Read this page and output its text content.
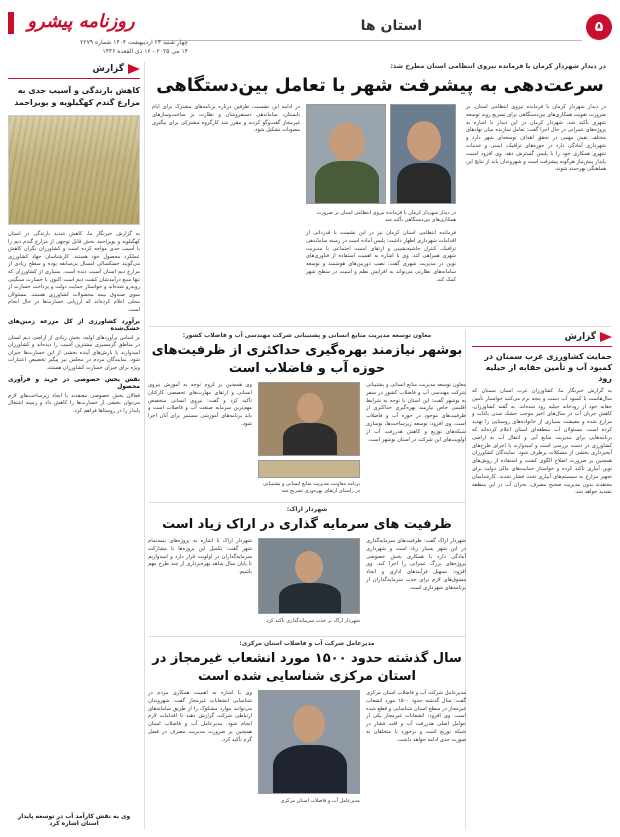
۵
استان ها
روزنامه پیشرو
چهار شنبه ۲۴ اردیبهشت ۱۴۰۴ شماره ۲۲۷۹
۱۴ می ۲۰۲۵ - ۱۶ ذی القعده ۱۴۴۶
گزارش
کاهش بارندگی و آسیب جدی به مزارع گندم کهگیلویه و بویراحمد

به گزارش خبرنگار ما، کاهش شدید بارندگی در استان کهگیلویه و بویراحمد بخش قابل توجهی از مزارع گندم دیم را با آسیب جدی مواجه کرده است و کشاورزان نگران کاهش عملکرد محصول خود هستند. کارشناسان جهاد کشاورزی می‌گویند خشکسالی امسال بی‌سابقه بوده و سطح زیادی از مزارع دیم استان آسیب دیده است. بسیاری از کشاورزان که تنها منبع درآمدشان کشت دیم است اکنون با خسارت سنگینی روبه‌رو شده‌اند و خواستار حمایت دولت و پرداخت خسارت از سوی صندوق بیمه محصولات کشاورزی هستند. مسئولان محلی اعلام کرده‌اند که ارزیابی خسارت‌ها در حال انجام است.

برآورد کشاورزی از کل مزرعه زمین‌های خشک‌شده

بر اساس برآوردهای اولیه، بخش زیادی از اراضی دیم استان در مناطق گرمسیری بیشترین آسیب را دیده‌اند و کشاورزان امیدوارند با بارش‌های آینده بخشی از این خسارت‌ها جبران شود. نمایندگان مردم در مجلس نیز پیگیر تخصیص اعتبارات ویژه برای جبران خسارت کشاورزان هستند.

نقش بخش خصوصی در خرید و فرآوری محصول

فعالان بخش خصوصی معتقدند با ایجاد زیرساخت‌های لازم می‌توان بخشی از خسارت‌ها را کاهش داد و زمینه اشتغال پایدار را در روستاها فراهم کرد.

وی به نقش کارآمد آب در توسعه پایدار استان اشاره کرد
در دیدار شهردار کرمان با فرمانده نیروی انتظامی استان مطرح شد:
سرعت‌دهی به پیشرفت شهر با تعامل بین‌دستگاهی
در دیدار شهردار کرمان با فرمانده نیروی انتظامی استان، بر ضرورت تقویت همکاری‌های بین‌دستگاهی برای تسریع روند توسعه شهری تأکید شد. شهردار کرمان در این دیدار با اشاره به پروژه‌های عمرانی در حال اجرا گفت: تعامل سازنده میان نهادهای مختلف نقش مهمی در تحقق اهداف توسعه‌ای شهر دارد و شهرداری آمادگی دارد در حوزه‌های ترافیک، ایمنی و خدمات شهری همکاری خود را با پلیس گسترش دهد. وی افزود امنیت پایدار پیش‌نیاز هرگونه پیشرفت است و شهروندان باید از نتایج این هماهنگی بهره‌مند شوند.
در دیدار شهردار کرمان با فرمانده نیروی انتظامی استان بر ضرورت همکاری‌های بین‌دستگاهی تأکید شد
فرمانده انتظامی استان کرمان نیز در این نشست با قدردانی از اقدامات شهرداری اظهار داشت: پلیس آماده است در زمینه ساماندهی ترافیک، کنترل حاشیه‌نشینی و ارتقای امنیت اجتماعی با مدیریت شهری همراهی کند. وی با اشاره به اهمیت استفاده از فناوری‌های نوین در مدیریت شهری گفت: نصب دوربین‌های هوشمند و توسعه سامانه‌های نظارتی می‌تواند به افزایش نظم و امنیت در سطح شهر کمک کند.
در ادامه این نشست، طرفین درباره برنامه‌های مشترک برای ایام تابستان، ساماندهی دستفروشان و نظارت بر ساخت‌وسازهای غیرمجاز گفت‌وگو کردند و مقرر شد کارگروه مشترکی برای پیگیری مصوبات تشکیل شود.
گزارش
حمایت کشاورزی غرب سمنان در کمبود آب و تأمین حقابه از حیلیه رود
به گزارش خبرنگار ما، کشاورزان غرب استان سمنان که سال‌هاست با کمبود آب دست و پنجه نرم می‌کنند خواستار تأمین حقابه خود از رودخانه حیلیه رود شده‌اند. به گفته کشاورزان، کاهش جریان آب در سال‌های اخیر موجب خشک شدن باغات و مزارع شده و معیشت بسیاری از خانواده‌های روستایی را تهدید کرده است. مسئولان آب منطقه‌ای استان اعلام کرده‌اند که برنامه‌هایی برای مدیریت منابع آبی و انتقال آب به اراضی کشاورزی در دست بررسی است و امیدوارند با اجرای طرح‌های آبخیزداری بخشی از مشکلات برطرف شود. نمایندگان کشاورزان همچنین بر ضرورت اصلاح الگوی کشت و استفاده از روش‌های نوین آبیاری تأکید کرده و خواستار حمایت‌های مالی دولت برای تجهیز مزارع به سیستم‌های آبیاری تحت فشار شدند. کارشناسان معتقدند بدون مدیریت صحیح مصرف، بحران آب در این منطقه تشدید خواهد شد.
معاون توسعه مدیریت منابع انسانی و پشتیبانی شرکت مهندسی آب و فاضلاب کشور:
بوشهر نیازمند بهره‌گیری حداکثری از ظرفیت‌های حوزه آب و فاضلاب است
معاون توسعه مدیریت منابع انسانی و پشتیبانی شرکت مهندسی آب و فاضلاب کشور در سفر به بوشهر گفت: این استان با توجه به شرایط اقلیمی خاص نیازمند بهره‌گیری حداکثری از ظرفیت‌های موجود در حوزه آب و فاضلاب است. وی افزود: توسعه زیرساخت‌ها، نوسازی شبکه‌های توزیع و کاهش هدررفت آب از اولویت‌های این شرکت در استان بوشهر است.
برنامه معاونت مدیریت منابع انسانی و پشتیبانی در راستای ارتقای بهره‌وری تشریح شد
وی همچنین بر لزوم توجه به آموزش نیروی انسانی و ارتقای مهارت‌های تخصصی کارکنان تأکید کرد و گفت: نیروی انسانی متخصص مهم‌ترین سرمایه صنعت آب و فاضلاب است و باید برنامه‌های آموزشی مستمر برای آنان اجرا شود.
شهردار اراک:
ظرفیت های سرمایه گذاری در اراک زیاد است
شهردار اراک گفت: ظرفیت‌های سرمایه‌گذاری در این شهر بسیار زیاد است و شهرداری آمادگی دارد با همکاری بخش خصوصی پروژه‌های بزرگ عمرانی را اجرا کند. وی افزود: تسهیل فرآیندهای اداری و ایجاد مشوق‌های لازم برای جذب سرمایه‌گذاران از برنامه‌های شهرداری است.
شهردار اراک بر جذب سرمایه‌گذاری تأکید کرد
شهردار اراک با اشاره به پروژه‌های نیمه‌تمام شهر گفت: تکمیل این پروژه‌ها با مشارکت سرمایه‌گذاران در اولویت قرار دارد و امیدواریم تا پایان سال شاهد بهره‌برداری از چند طرح مهم باشیم.
مدیرعامل شرکت آب و فاضلاب استان مرکزی:
سال گذشته حدود ۱۵۰۰ مورد انشعاب غیرمجاز در استان مرکزی شناسایی شده است
مدیرعامل شرکت آب و فاضلاب استان مرکزی گفت: سال گذشته حدود ۱۵۰۰ مورد انشعاب غیرمجاز در سطح استان شناسایی و قطع شده است. وی افزود: انشعابات غیرمجاز یکی از عوامل اصلی هدررفت آب و افت فشار در شبکه توزیع است و برخورد با متخلفان به صورت جدی ادامه خواهد داشت.
مدیرعامل آب و فاضلاب استان مرکزی
وی با اشاره به اهمیت همکاری مردم در شناسایی انشعابات غیرمجاز گفت: شهروندان می‌توانند موارد مشکوک را از طریق سامانه‌های ارتباطی شرکت گزارش دهند تا اقدامات لازم انجام شود. مدیرعامل آب و فاضلاب استان همچنین بر ضرورت مدیریت مصرف در فصل گرم تأکید کرد.
